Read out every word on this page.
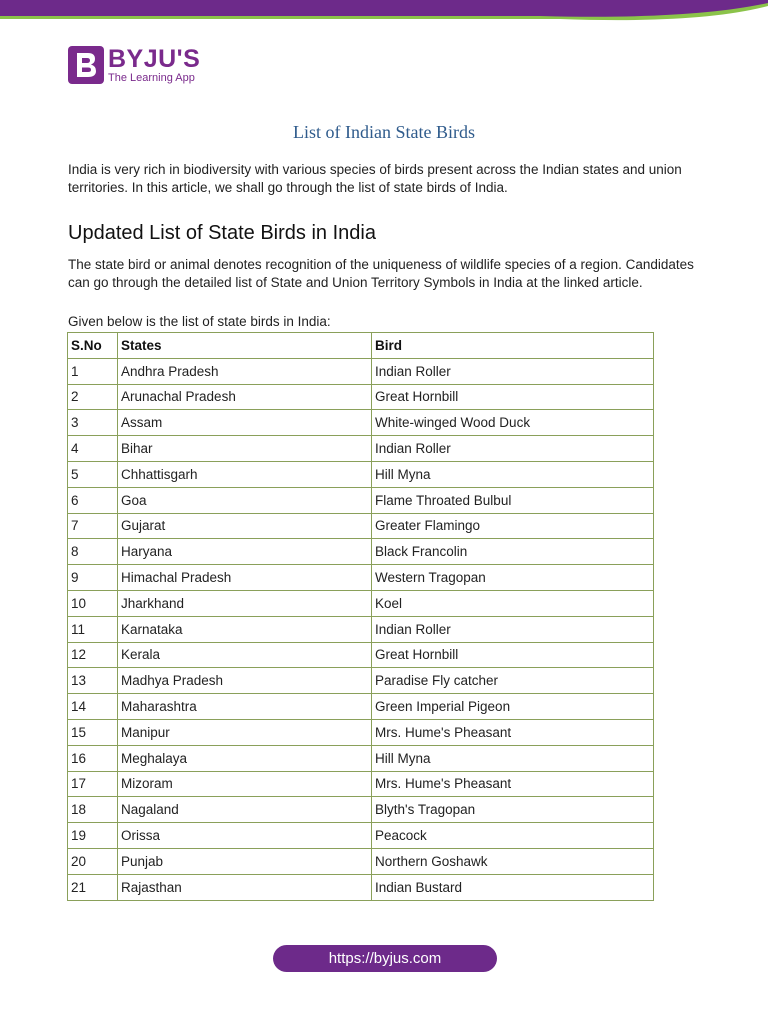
BYJU'S
The Learning App
List of Indian State Birds

India is very rich in biodiversity with various species of birds present across the Indian states and union territories. In this article, we shall go through the list of state birds of India.

Updated List of State Birds in India

The state bird or animal denotes recognition of the uniqueness of wildlife species of a region. Candidates can go through the detailed list of State and Union Territory Symbols in India at the linked article.

Given below is the list of state birds in India:

S.No	States	Bird
1	Andhra Pradesh	Indian Roller
2	Arunachal Pradesh	Great Hornbill
3	Assam	White-winged Wood Duck
4	Bihar	Indian Roller
5	Chhattisgarh	Hill Myna
6	Goa	Flame Throated Bulbul
7	Gujarat	Greater Flamingo
8	Haryana	Black Francolin
9	Himachal Pradesh	Western Tragopan
10	Jharkhand	Koel
11	Karnataka	Indian Roller
12	Kerala	Great Hornbill
13	Madhya Pradesh	Paradise Fly catcher
14	Maharashtra	Green Imperial Pigeon
15	Manipur	Mrs. Hume's Pheasant
16	Meghalaya	Hill Myna
17	Mizoram	Mrs. Hume's Pheasant
18	Nagaland	Blyth's Tragopan
19	Orissa	Peacock
20	Punjab	Northern Goshawk
21	Rajasthan	Indian Bustard
https://byjus.com
